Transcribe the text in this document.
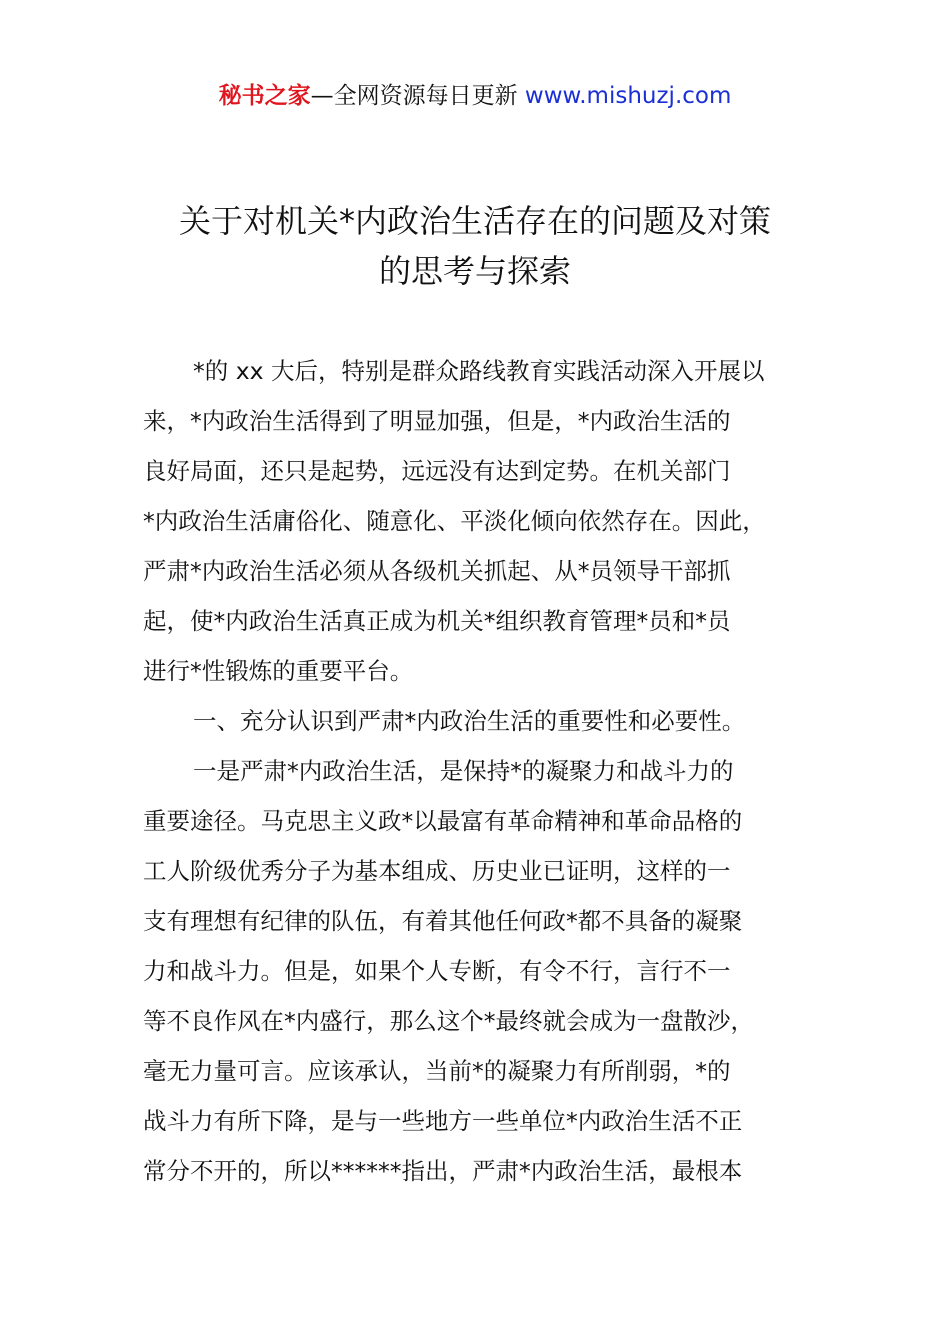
秘书之家—全网资源每日更新 www.mishuzj.com
关于对机关*内政治生活存在的问题及对策
的思考与探索
*的 xx 大后，特别是群众路线教育实践活动深入开展以
来，*内政治生活得到了明显加强，但是，*内政治生活的
良好局面，还只是起势，远远没有达到定势。在机关部门
*内政治生活庸俗化、随意化、平淡化倾向依然存在。因此，
严肃*内政治生活必须从各级机关抓起、从*员领导干部抓
起，使*内政治生活真正成为机关*组织教育管理*员和*员
进行*性锻炼的重要平台。
一、充分认识到严肃*内政治生活的重要性和必要性。
一是严肃*内政治生活，是保持*的凝聚力和战斗力的
重要途径。马克思主义政*以最富有革命精神和革命品格的
工人阶级优秀分子为基本组成、历史业已证明，这样的一
支有理想有纪律的队伍，有着其他任何政*都不具备的凝聚
力和战斗力。但是，如果个人专断，有令不行，言行不一
等不良作风在*内盛行，那么这个*最终就会成为一盘散沙，
毫无力量可言。应该承认，当前*的凝聚力有所削弱，*的
战斗力有所下降，是与一些地方一些单位*内政治生活不正
常分不开的，所以******指出，严肃*内政治生活，最根本
